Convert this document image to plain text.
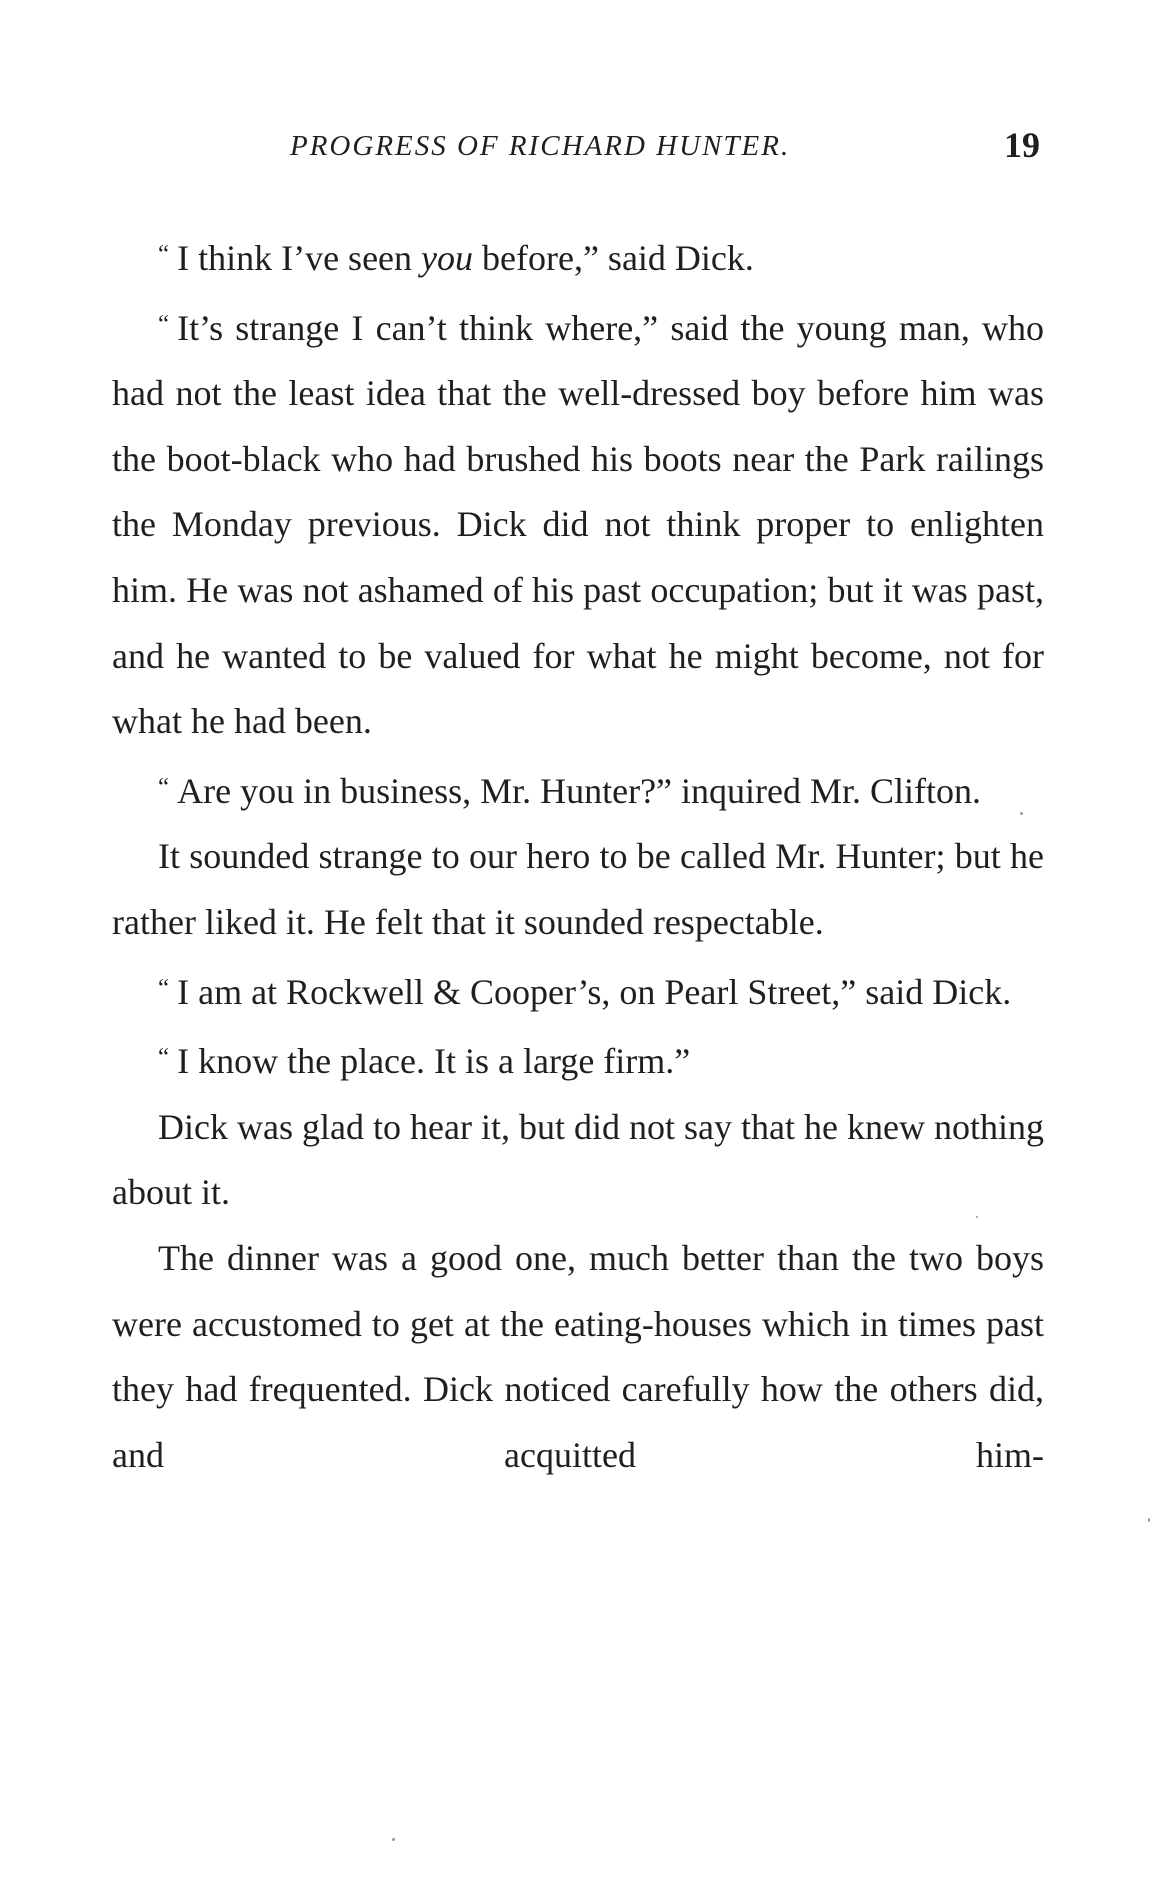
PROGRESS OF RICHARD HUNTER.	19

“ I think I’ve seen you before,” said Dick.

“ It’s strange I can’t think where,” said the young man, who had not the least idea that the well-dressed boy before him was the boot-black who had brushed his boots near the Park railings the Monday previous. Dick did not think proper to enlighten him. He was not ashamed of his past occupation; but it was past, and he wanted to be valued for what he might become, not for what he had been.

“ Are you in business, Mr. Hunter?” inquired Mr. Clifton.

It sounded strange to our hero to be called Mr. Hunter; but he rather liked it. He felt that it sounded respectable.

“ I am at Rockwell & Cooper’s, on Pearl Street,” said Dick.

“ I know the place. It is a large firm.”

Dick was glad to hear it, but did not say that he knew nothing about it.

The dinner was a good one, much better than the two boys were accustomed to get at the eating-houses which in times past they had frequented. Dick noticed carefully how the others did, and acquitted him-
